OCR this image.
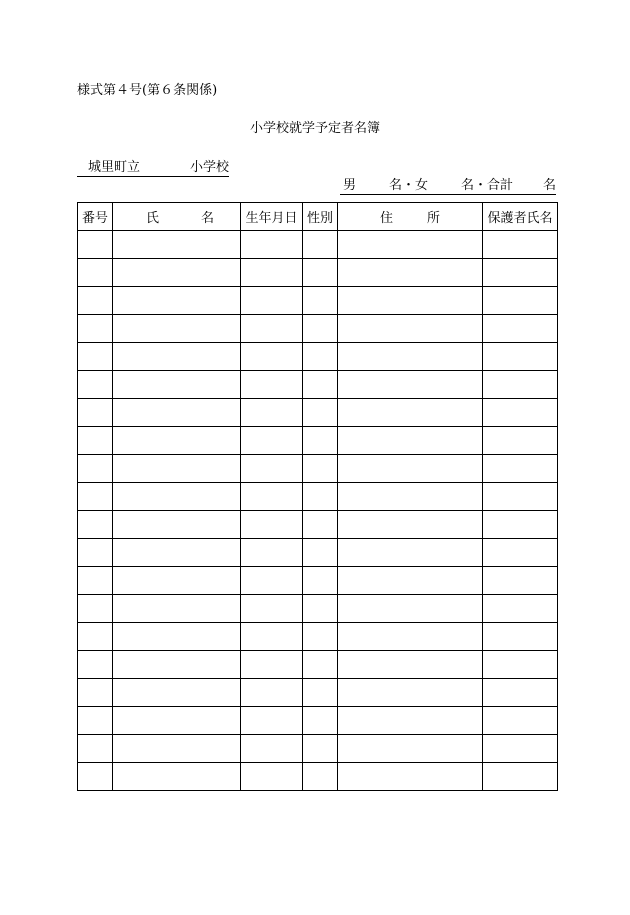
様式第４号(第６条関係)
小学校就学予定者名簿
城里町立	小学校
男	名・女	名・合計 名
番号	氏 名	生年月日	性別	住 所	保護者氏名
